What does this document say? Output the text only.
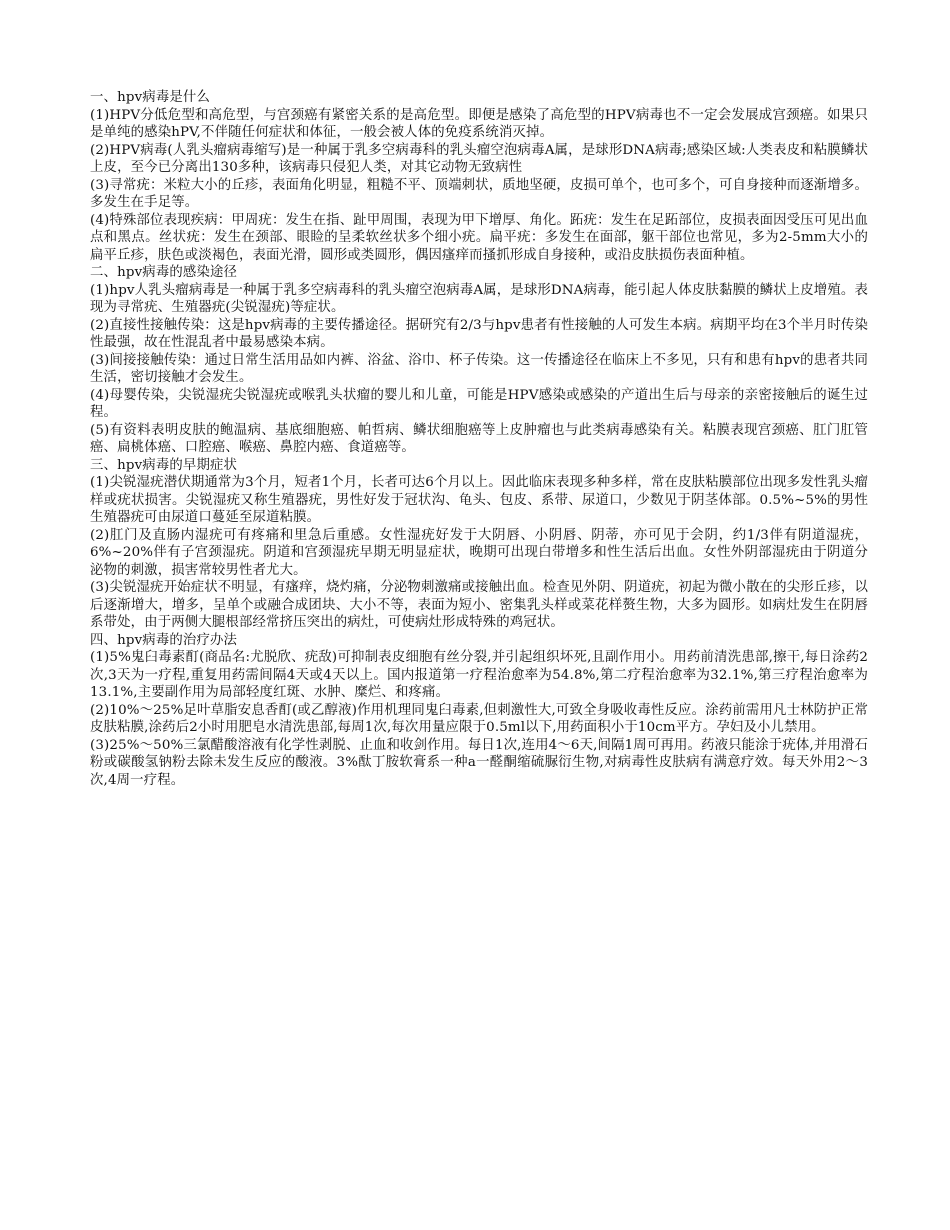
一、hpv病毒是什么

(1)HPV分低危型和高危型，与宫颈癌有紧密关系的是高危型。即便是感染了高危型的HPV病毒也不一定会发展成宫颈癌。如果只是单纯的感染hPV,不伴随任何症状和体征，一般会被人体的免疫系统消灭掉。

(2)HPV病毒(人乳头瘤病毒缩写)是一种属于乳多空病毒科的乳头瘤空泡病毒A属，是球形DNA病毒;感染区域:人类表皮和粘膜鳞状上皮，至今已分离出130多种，该病毒只侵犯人类，对其它动物无致病性

(3)寻常疣：米粒大小的丘疹，表面角化明显，粗糙不平、顶端刺状，质地坚硬，皮损可单个，也可多个，可自身接种而逐渐增多。多发生在手足等。

(4)特殊部位表现疾病：甲周疣：发生在指、趾甲周围，表现为甲下增厚、角化。跖疣：发生在足跖部位，皮损表面因受压可见出血点和黑点。丝状疣：发生在颈部、眼睑的呈柔软丝状多个细小疣。扁平疣：多发生在面部，躯干部位也常见，多为2-5mm大小的扁平丘疹，肤色或淡褐色，表面光滑，圆形或类圆形，偶因瘙痒而搔抓形成自身接种，或沿皮肤损伤表面种植。

二、hpv病毒的感染途径

(1)hpv人乳头瘤病毒是一种属于乳多空病毒科的乳头瘤空泡病毒A属，是球形DNA病毒，能引起人体皮肤黏膜的鳞状上皮增殖。表现为寻常疣、生殖器疣(尖锐湿疣)等症状。

(2)直接性接触传染：这是hpv病毒的主要传播途径。据研究有2/3与hpv患者有性接触的人可发生本病。病期平均在3个半月时传染性最强，故在性混乱者中最易感染本病。

(3)间接接触传染：通过日常生活用品如内裤、浴盆、浴巾、杯子传染。这一传播途径在临床上不多见，只有和患有hpv的患者共同生活，密切接触才会发生。

(4)母婴传染，尖锐湿疣尖锐湿疣或喉乳头状瘤的婴儿和儿童，可能是HPV感染或感染的产道出生后与母亲的亲密接触后的诞生过程。

(5)有资料表明皮肤的鲍温病、基底细胞癌、帕哲病、鳞状细胞癌等上皮肿瘤也与此类病毒感染有关。粘膜表现宫颈癌、肛门肛管癌、扁桃体癌、口腔癌、喉癌、鼻腔内癌、食道癌等。

三、hpv病毒的早期症状

(1)尖锐湿疣潜伏期通常为3个月，短者1个月，长者可达6个月以上。因此临床表现多种多样，常在皮肤粘膜部位出现多发性乳头瘤样或疣状损害。尖锐湿疣又称生殖器疣，男性好发于冠状沟、龟头、包皮、系带、尿道口，少数见于阴茎体部。0.5%~5%的男性生殖器疣可由尿道口蔓延至尿道粘膜。

(2)肛门及直肠内湿疣可有疼痛和里急后重感。女性湿疣好发于大阴唇、小阴唇、阴蒂，亦可见于会阴，约1/3伴有阴道湿疣，6%~20%伴有子宫颈湿疣。阴道和宫颈湿疣早期无明显症状，晚期可出现白带增多和性生活后出血。女性外阴部湿疣由于阴道分泌物的刺激，损害常较男性者尤大。

(3)尖锐湿疣开始症状不明显，有瘙痒，烧灼痛，分泌物刺激痛或接触出血。检查见外阴、阴道疣，初起为微小散在的尖形丘疹，以后逐渐增大，增多，呈单个或融合成团块、大小不等，表面为短小、密集乳头样或菜花样赘生物，大多为圆形。如病灶发生在阴唇系带处，由于两侧大腿根部经常挤压突出的病灶，可使病灶形成特殊的鸡冠状。

四、hpv病毒的治疗办法

(1)5%鬼臼毒素酊(商品名:尤脱欣、疣敌)可抑制表皮细胞有丝分裂,并引起组织坏死,且副作用小。用药前清洗患部,擦干,每日涂药2次,3天为一疗程,重复用药需间隔4天或4天以上。国内报道第一疗程治愈率为54.8%,第二疗程治愈率为32.1%,第三疗程治愈率为13.1%,主要副作用为局部轻度红斑、水肿、糜烂、和疼痛。

(2)10%～25%足叶草脂安息香酊(或乙醇液)作用机理同鬼臼毒素,但刺激性大,可致全身吸收毒性反应。涂药前需用凡士林防护正常皮肤粘膜,涂药后2小时用肥皂水清洗患部,每周1次,每次用量应限于0.5ml以下,用药面积小于10cm平方。孕妇及小儿禁用。

(3)25%～50%三氯醋酸溶液有化学性剥脱、止血和收剑作用。每日1次,连用4～6天,间隔1周可再用。药液只能涂于疣体,并用滑石粉或碳酸氢钠粉去除未发生反应的酸液。3%酞丁胺软膏系一种a一醛酮缩硫脲衍生物,对病毒性皮肤病有满意疗效。每天外用2～3次,4周一疗程。
